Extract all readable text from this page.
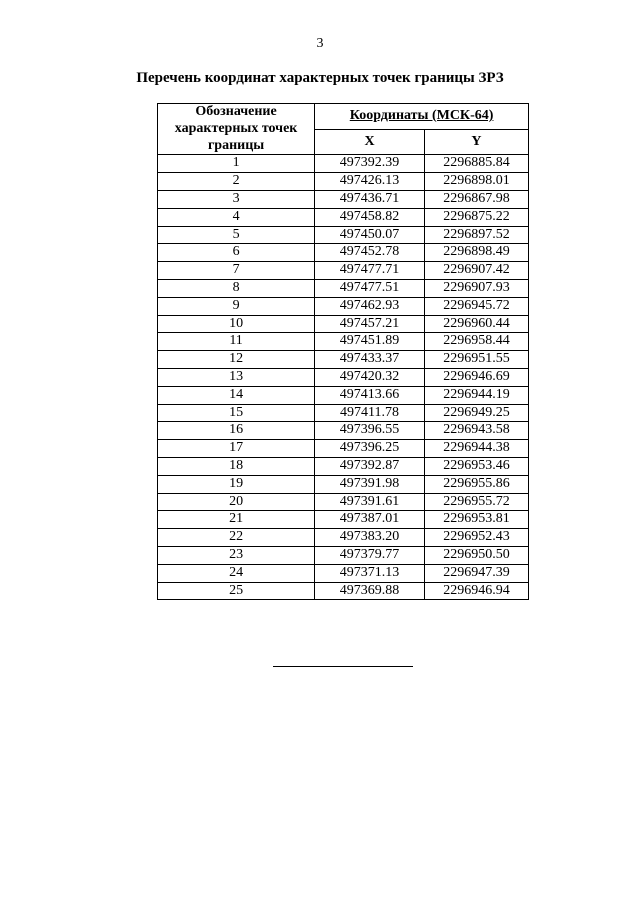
3
Перечень координат характерных точек границы ЗРЗ
Обозначение характерных точек границы	Координаты (МСК-64)	
	X	Y
1	497392.39	2296885.84
2	497426.13	2296898.01
3	497436.71	2296867.98
4	497458.82	2296875.22
5	497450.07	2296897.52
6	497452.78	2296898.49
7	497477.71	2296907.42
8	497477.51	2296907.93
9	497462.93	2296945.72
10	497457.21	2296960.44
11	497451.89	2296958.44
12	497433.37	2296951.55
13	497420.32	2296946.69
14	497413.66	2296944.19
15	497411.78	2296949.25
16	497396.55	2296943.58
17	497396.25	2296944.38
18	497392.87	2296953.46
19	497391.98	2296955.86
20	497391.61	2296955.72
21	497387.01	2296953.81
22	497383.20	2296952.43
23	497379.77	2296950.50
24	497371.13	2296947.39
25	497369.88	2296946.94
